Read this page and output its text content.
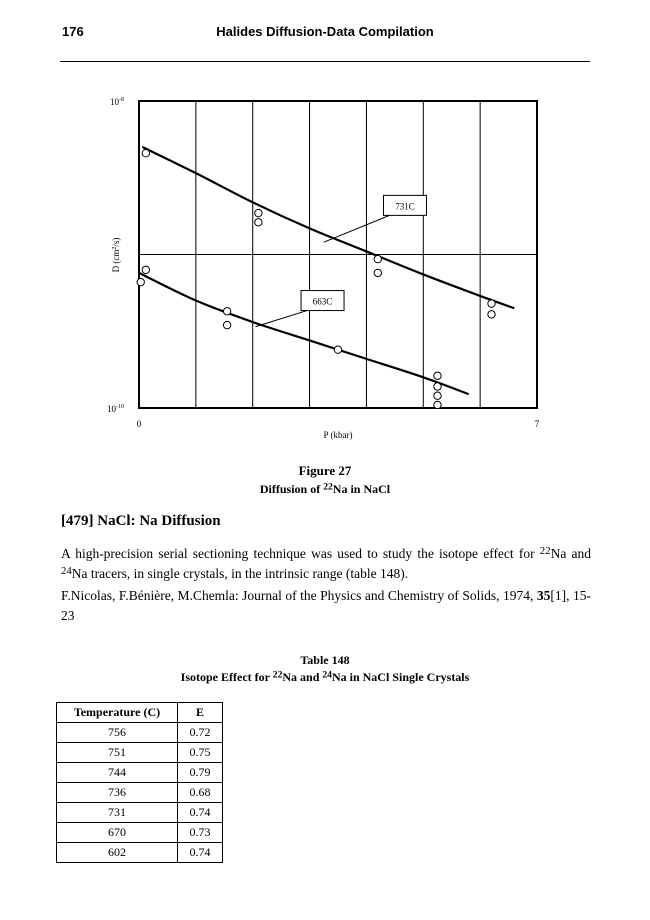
176	Halides Diffusion-Data Compilation
$10^{-8}$
$10^{-10}$
0	7
P (kbar)
D $(cm^2/s)$
731C
663C
Figure 27
Diffusion of $^{22}$Na in NaCl
[479] NaCl: Na Diffusion
A high-precision serial sectioning technique was used to study the isotope effect for $^{22}$Na and $^{24}$Na tracers, in single crystals, in the intrinsic range (table 148).
F.Nicolas, F.Bénière, M.Chemla: Journal of the Physics and Chemistry of Solids, 1974, 35[1], 15-23
Table 148
Isotope Effect for $^{22}$Na and $^{24}$Na in NaCl Single Crystals
Temperature (C)	E
756	0.72
751	0.75
744	0.79
736	0.68
731	0.74
670	0.73
602	0.74
